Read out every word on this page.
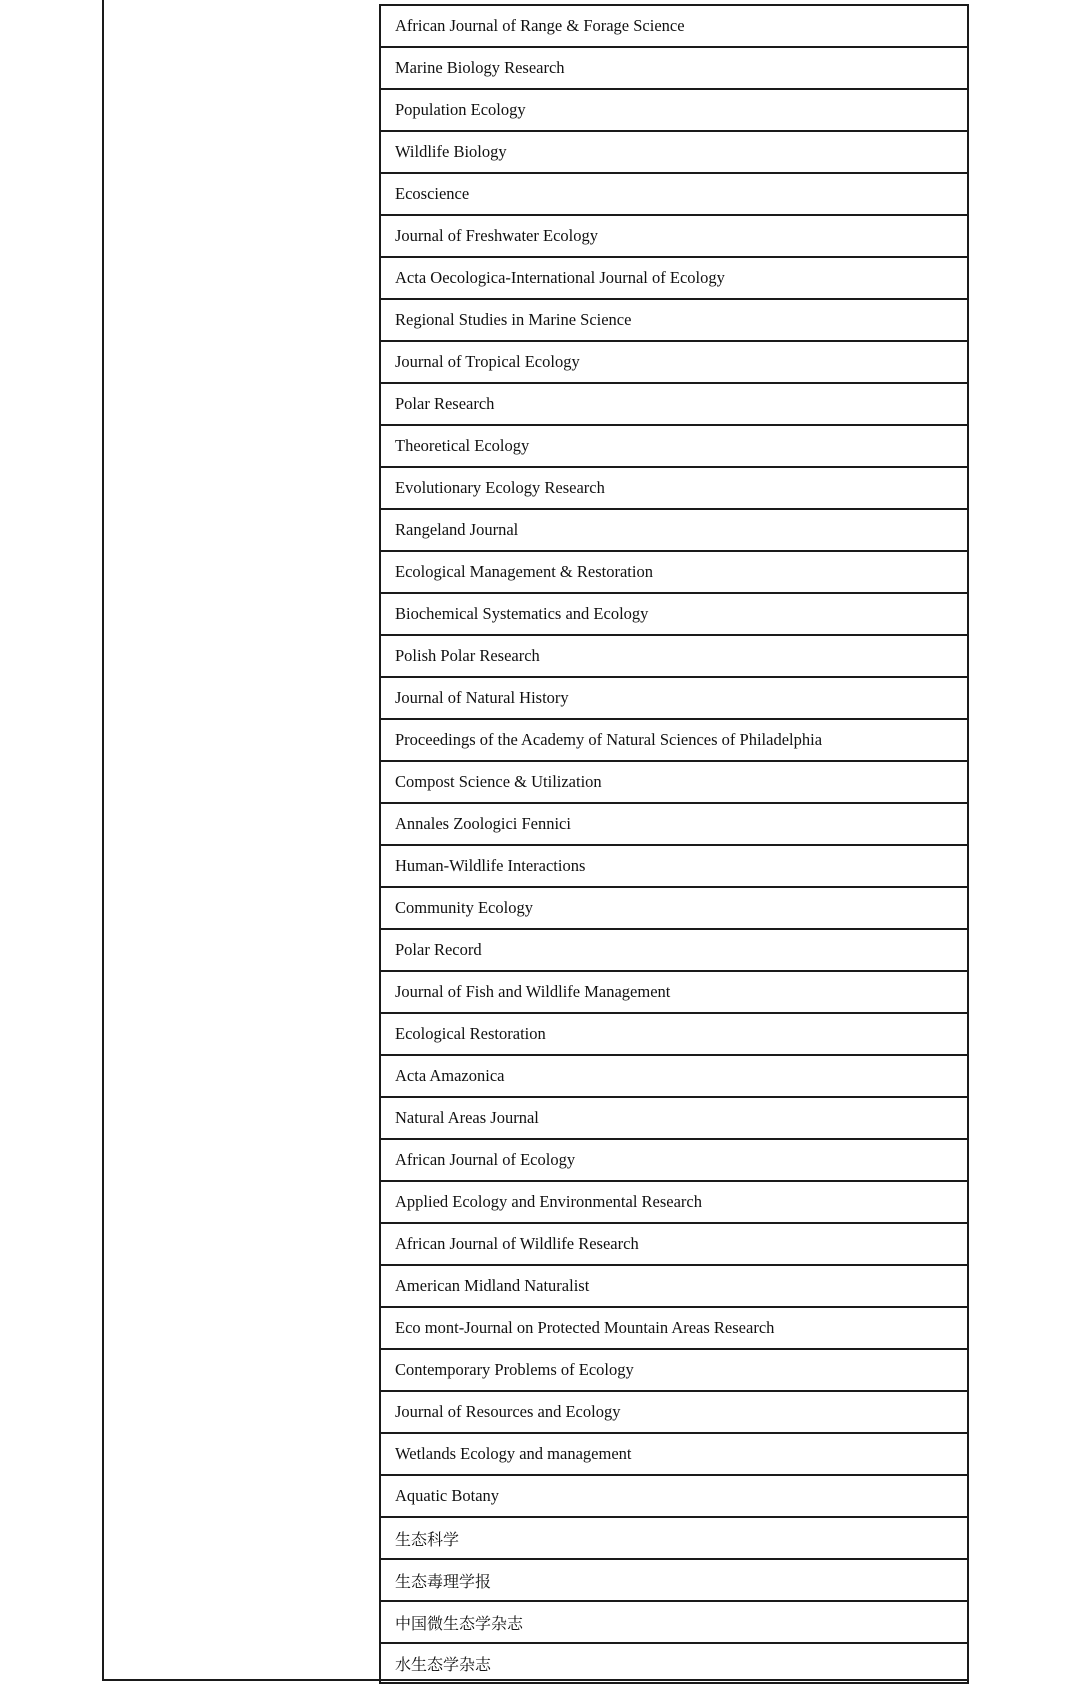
African Journal of Range & Forage Science
Marine Biology Research
Population Ecology
Wildlife Biology
Ecoscience
Journal of Freshwater Ecology
Acta Oecologica-International Journal of Ecology
Regional Studies in Marine Science
Journal of Tropical Ecology
Polar Research
Theoretical Ecology
Evolutionary Ecology Research
Rangeland Journal
Ecological Management & Restoration
Biochemical Systematics and Ecology
Polish Polar Research
Journal of Natural History
Proceedings of the Academy of Natural Sciences of Philadelphia
Compost Science & Utilization
Annales Zoologici Fennici
Human-Wildlife Interactions
Community Ecology
Polar Record
Journal of Fish and Wildlife Management
Ecological Restoration
Acta Amazonica
Natural Areas Journal
African Journal of Ecology
Applied Ecology and Environmental Research
African Journal of Wildlife Research
American Midland Naturalist
Eco mont-Journal on Protected Mountain Areas Research
Contemporary Problems of Ecology
Journal of Resources and Ecology
Wetlands Ecology and management
Aquatic Botany
生态科学
生态毒理学报
中国微生态学杂志
水生态学杂志
